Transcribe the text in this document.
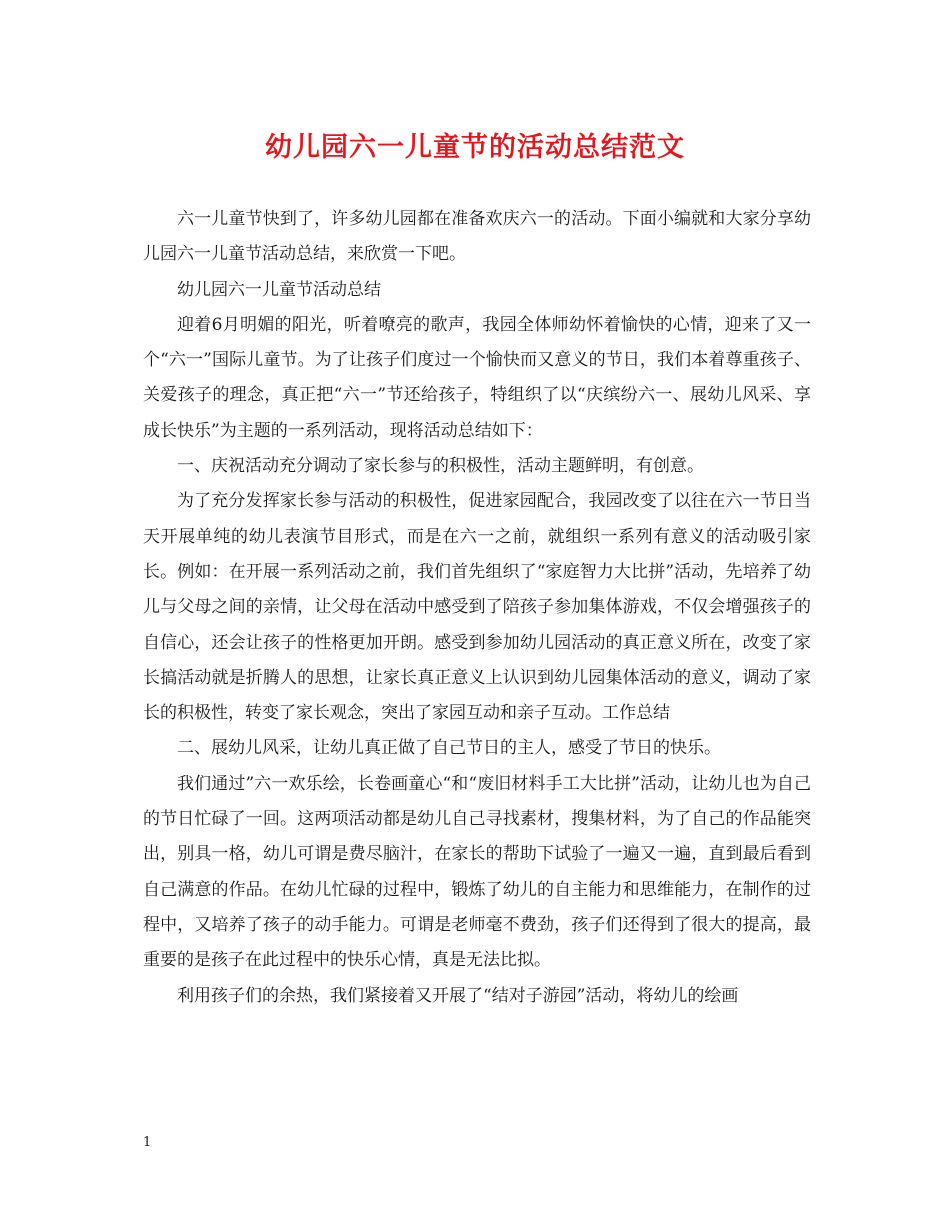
幼儿园六一儿童节的活动总结范文

六一儿童节快到了，许多幼儿园都在准备欢庆六一的活动。下面小编就和大家分享幼儿园六一儿童节活动总结，来欣赏一下吧。

幼儿园六一儿童节活动总结

迎着6月明媚的阳光，听着嘹亮的歌声，我园全体师幼怀着愉快的心情，迎来了又一个“六一”国际儿童节。为了让孩子们度过一个愉快而又意义的节日，我们本着尊重孩子、关爱孩子的理念，真正把“六一”节还给孩子，特组织了以“庆缤纷六一、展幼儿风采、享成长快乐”为主题的一系列活动，现将活动总结如下：

一、庆祝活动充分调动了家长参与的积极性，活动主题鲜明，有创意。

为了充分发挥家长参与活动的积极性，促进家园配合，我园改变了以往在六一节日当天开展单纯的幼儿表演节目形式，而是在六一之前，就组织一系列有意义的活动吸引家长。例如：在开展一系列活动之前，我们首先组织了“家庭智力大比拼”活动，先培养了幼儿与父母之间的亲情，让父母在活动中感受到了陪孩子参加集体游戏，不仅会增强孩子的自信心，还会让孩子的性格更加开朗。感受到参加幼儿园活动的真正意义所在，改变了家长搞活动就是折腾人的思想，让家长真正意义上认识到幼儿园集体活动的意义，调动了家长的积极性，转变了家长观念，突出了家园互动和亲子互动。工作总结

二、展幼儿风采，让幼儿真正做了自己节日的主人，感受了节日的快乐。

我们通过”六一欢乐绘，长卷画童心“和“废旧材料手工大比拼”活动，让幼儿也为自己的节日忙碌了一回。这两项活动都是幼儿自己寻找素材，搜集材料，为了自己的作品能突出，别具一格，幼儿可谓是费尽脑汁，在家长的帮助下试验了一遍又一遍，直到最后看到自己满意的作品。在幼儿忙碌的过程中，锻炼了幼儿的自主能力和思维能力，在制作的过程中，又培养了孩子的动手能力。可谓是老师毫不费劲，孩子们还得到了很大的提高，最重要的是孩子在此过程中的快乐心情，真是无法比拟。

利用孩子们的余热，我们紧接着又开展了“结对子游园”活动，将幼儿的绘画

1
